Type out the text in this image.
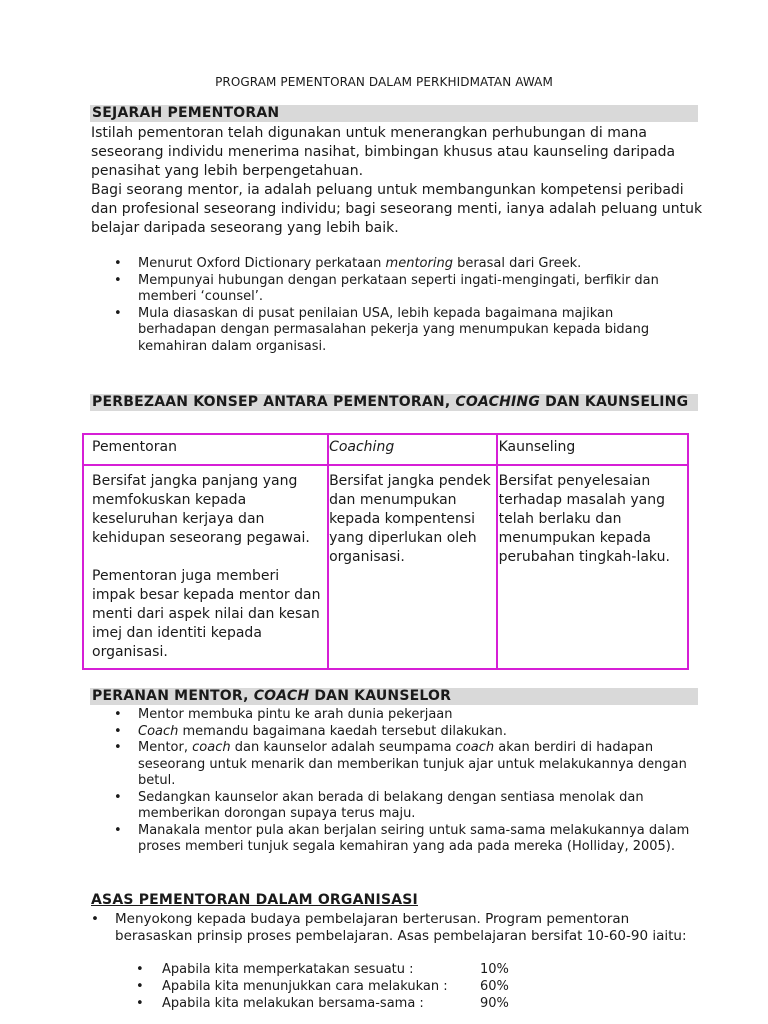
PROGRAM PEMENTORAN DALAM PERKHIDMATAN AWAM
SEJARAH PEMENTORAN

Istilah pementoran telah digunakan untuk menerangkan perhubungan di mana seseorang individu menerima nasihat, bimbingan khusus atau kaunseling daripada penasihat yang lebih berpengetahuan.

Bagi seorang mentor, ia adalah peluang untuk membangunkan kompetensi peribadi dan profesional seseorang individu; bagi seseorang menti, ianya adalah peluang untuk belajar daripada seseorang yang lebih baik.

• Menurut Oxford Dictionary perkataan mentoring berasal dari Greek.
• Mempunyai hubungan dengan perkataan seperti ingati-mengingati, berfikir dan memberi ‘counsel’.
• Mula diasaskan di pusat penilaian USA, lebih kepada bagaimana majikan berhadapan dengan permasalahan pekerja yang menumpukan kepada bidang kemahiran dalam organisasi.
PERBEZAAN KONSEP ANTARA PEMENTORAN, COACHING DAN KAUNSELING
Pementoran	Coaching	Kaunseling

Bersifat jangka panjang yang memfokuskan kepada keseluruhan kerjaya dan kehidupan seseorang pegawai.

Pementoran juga memberi impak besar kepada mentor dan menti dari aspek nilai dan kesan imej dan identiti kepada organisasi.	Bersifat jangka pendek dan menumpukan kepada kompentensi yang diperlukan oleh organisasi.	Bersifat penyelesaian terhadap masalah yang telah berlaku dan menumpukan kepada perubahan tingkah-laku.
PERANAN MENTOR, COACH DAN KAUNSELOR
• Mentor membuka pintu ke arah dunia pekerjaan
• Coach memandu bagaimana kaedah tersebut dilakukan.
• Mentor, coach dan kaunselor adalah seumpama coach akan berdiri di hadapan seseorang untuk menarik dan memberikan tunjuk ajar untuk melakukannya dengan betul.
• Sedangkan kaunselor akan berada di belakang dengan sentiasa menolak dan memberikan dorongan supaya terus maju.
• Manakala mentor pula akan berjalan seiring untuk sama-sama melakukannya dalam proses memberi tunjuk segala kemahiran yang ada pada mereka (Holliday, 2005).
ASAS PEMENTORAN DALAM ORGANISASI
• Menyokong kepada budaya pembelajaran berterusan. Program pementoran berasaskan prinsip proses pembelajaran. Asas pembelajaran bersifat 10-60-90 iaitu:
• Apabila kita memperkatakan sesuatu :	10%
• Apabila kita menunjukkan cara melakukan : 60%
• Apabila kita melakukan bersama-sama :	90%
